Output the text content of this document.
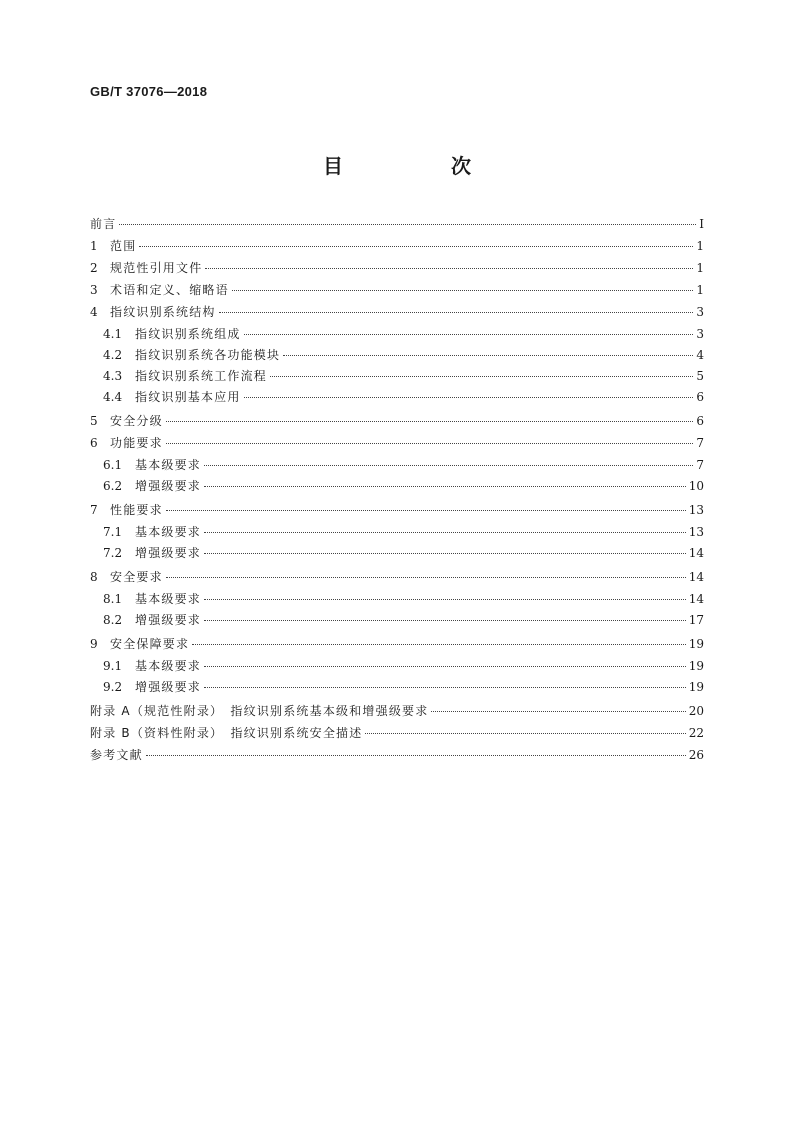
GB/T 37076—2018
目　次
前言	Ⅰ
1	范围	1
2	规范性引用文件	1
3	术语和定义、缩略语	1
4	指纹识别系统结构	3
4.1	指纹识别系统组成	3
4.2	指纹识别系统各功能模块	4
4.3	指纹识别系统工作流程	5
4.4	指纹识别基本应用	6
5	安全分级	6
6	功能要求	7
6.1	基本级要求	7
6.2	增强级要求	10
7	性能要求	13
7.1	基本级要求	13
7.2	增强级要求	14
8	安全要求	14
8.1	基本级要求	14
8.2	增强级要求	17
9	安全保障要求	19
9.1	基本级要求	19
9.2	增强级要求	19
附录 A（规范性附录）　指纹识别系统基本级和增强级要求	20
附录 B（资料性附录）　指纹识别系统安全描述	22
参考文献	26
